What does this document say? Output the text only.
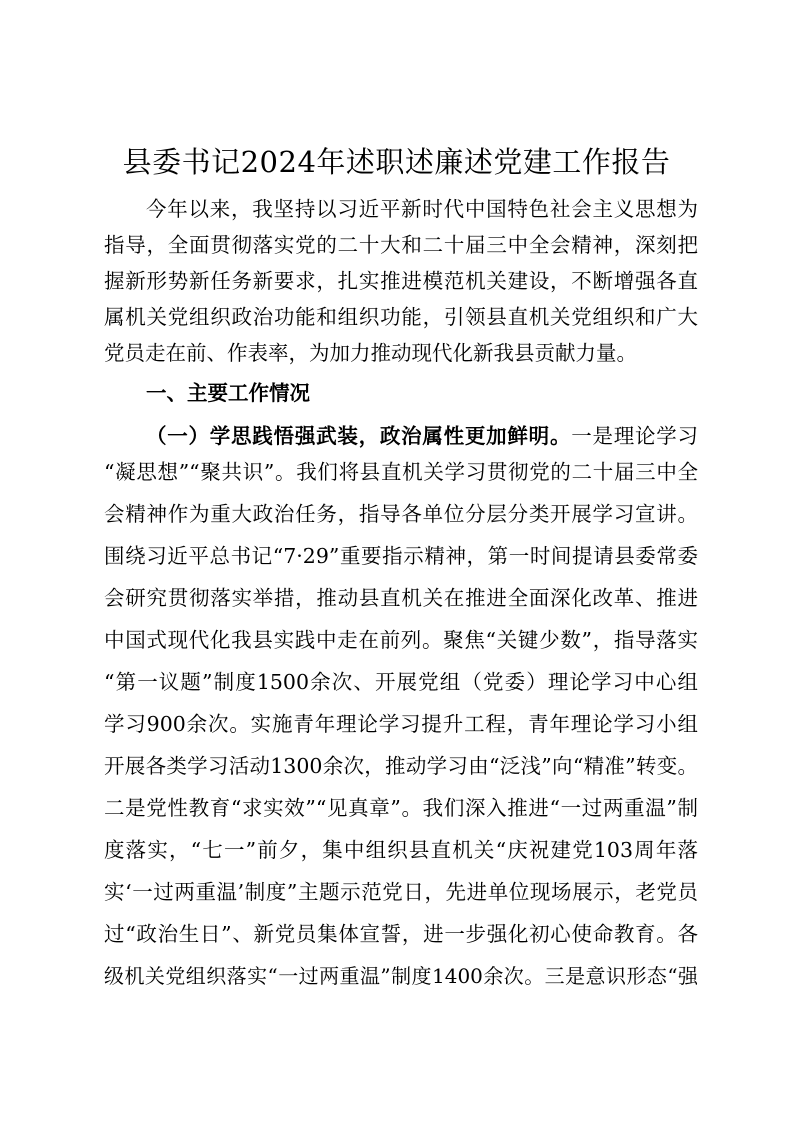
县委书记2024年述职述廉述党建工作报告
今年以来，我坚持以习近平新时代中国特色社会主义思想为
指导，全面贯彻落实党的二十大和二十届三中全会精神，深刻把
握新形势新任务新要求，扎实推进模范机关建设，不断增强各直
属机关党组织政治功能和组织功能，引领县直机关党组织和广大
党员走在前、作表率，为加力推动现代化新我县贡献力量。
一、主要工作情况
（一）学思践悟强武装，政治属性更加鲜明。一是理论学习
“凝思想”“聚共识”。我们将县直机关学习贯彻党的二十届三中全
会精神作为重大政治任务，指导各单位分层分类开展学习宣讲。
围绕习近平总书记“7·29”重要指示精神，第一时间提请县委常委
会研究贯彻落实举措，推动县直机关在推进全面深化改革、推进
中国式现代化我县实践中走在前列。聚焦“关键少数”，指导落实
“第一议题”制度1500余次、开展党组（党委）理论学习中心组
学习900余次。实施青年理论学习提升工程，青年理论学习小组
开展各类学习活动1300余次，推动学习由“泛浅”向“精准”转变。
二是党性教育“求实效”“见真章”。我们深入推进“一过两重温”制
度落实，“七一”前夕，集中组织县直机关“庆祝建党103周年落
实‘一过两重温’制度”主题示范党日，先进单位现场展示，老党员
过“政治生日”、新党员集体宣誓，进一步强化初心使命教育。各
级机关党组织落实“一过两重温”制度1400余次。三是意识形态“强
